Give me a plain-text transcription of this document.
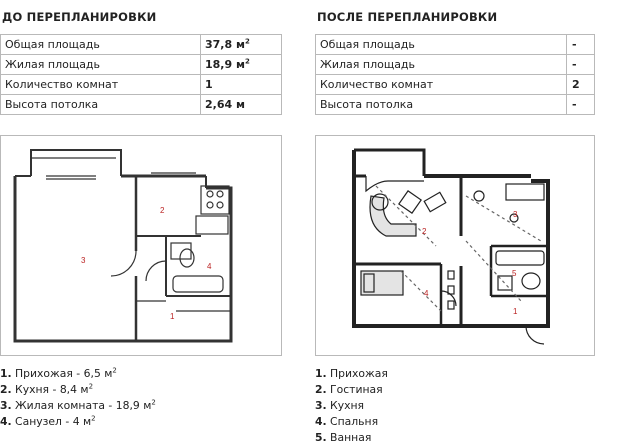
ДО ПЕРЕПЛАНИРОВКИ
Общая площадь	37,8 $м^2$
Жилая площадь	18,9 $м^2$
Количество комнат	1
Высота потолка	2,64 м
2
3
4
1
1. Прихожая - 6,5 $м^2$
2. Кухня - 8,4 $м^2$
3. Жилая комната - 18,9 $м^2$
4. Санузел - 4 $м^2$
ПОСЛЕ ПЕРЕПЛАНИРОВКИ
Общая площадь	-
Жилая площадь	-
Количество комнат	2
Высота потолка	-
1
2
3
4
5
1. Прихожая
2. Гостиная
3. Кухня
4. Спальня
5. Ванная
